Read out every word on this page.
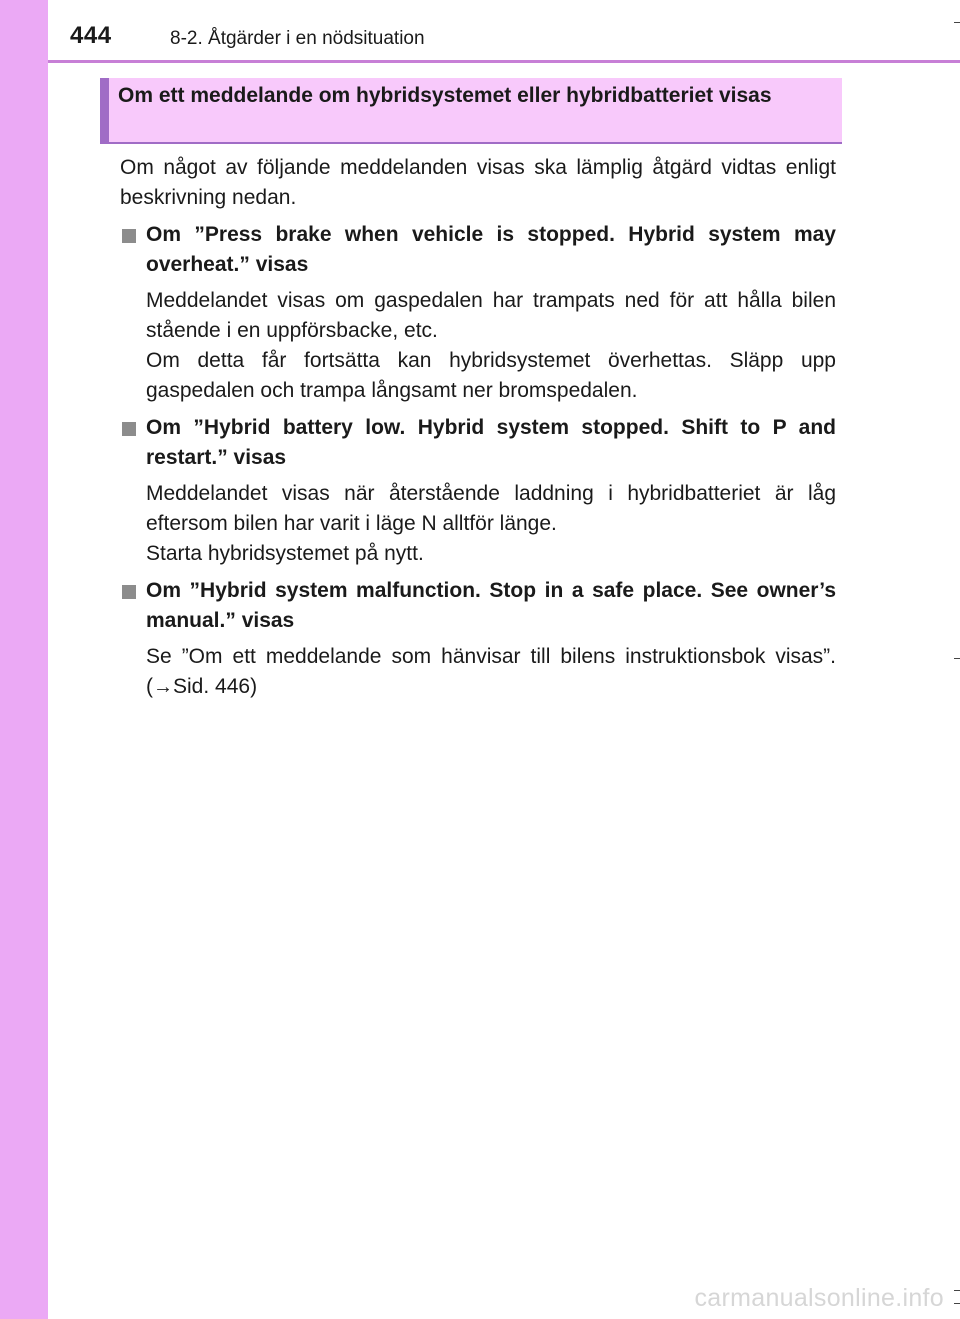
444	8-2. Åtgärder i en nödsituation
Om ett meddelande om hybridsystemet eller hybridbatteriet visas

Om något av följande meddelanden visas ska lämplig åtgärd vidtas enligt beskrivning nedan.

Om ”Press brake when vehicle is stopped. Hybrid system may overheat.” visas

Meddelandet visas om gaspedalen har trampats ned för att hålla bilen stående i en uppförsbacke, etc.
Om detta får fortsätta kan hybridsystemet överhettas. Släpp upp gaspedalen och trampa långsamt ner bromspedalen.

Om ”Hybrid battery low. Hybrid system stopped. Shift to P and restart.” visas

Meddelandet visas när återstående laddning i hybridbatteriet är låg eftersom bilen har varit i läge N alltför länge.
Starta hybridsystemet på nytt.

Om ”Hybrid system malfunction. Stop in a safe place. See owner’s manual.” visas

Se ”Om ett meddelande som hänvisar till bilens instruktionsbok visas”. (→Sid. 446)

carmanualsonline.info
